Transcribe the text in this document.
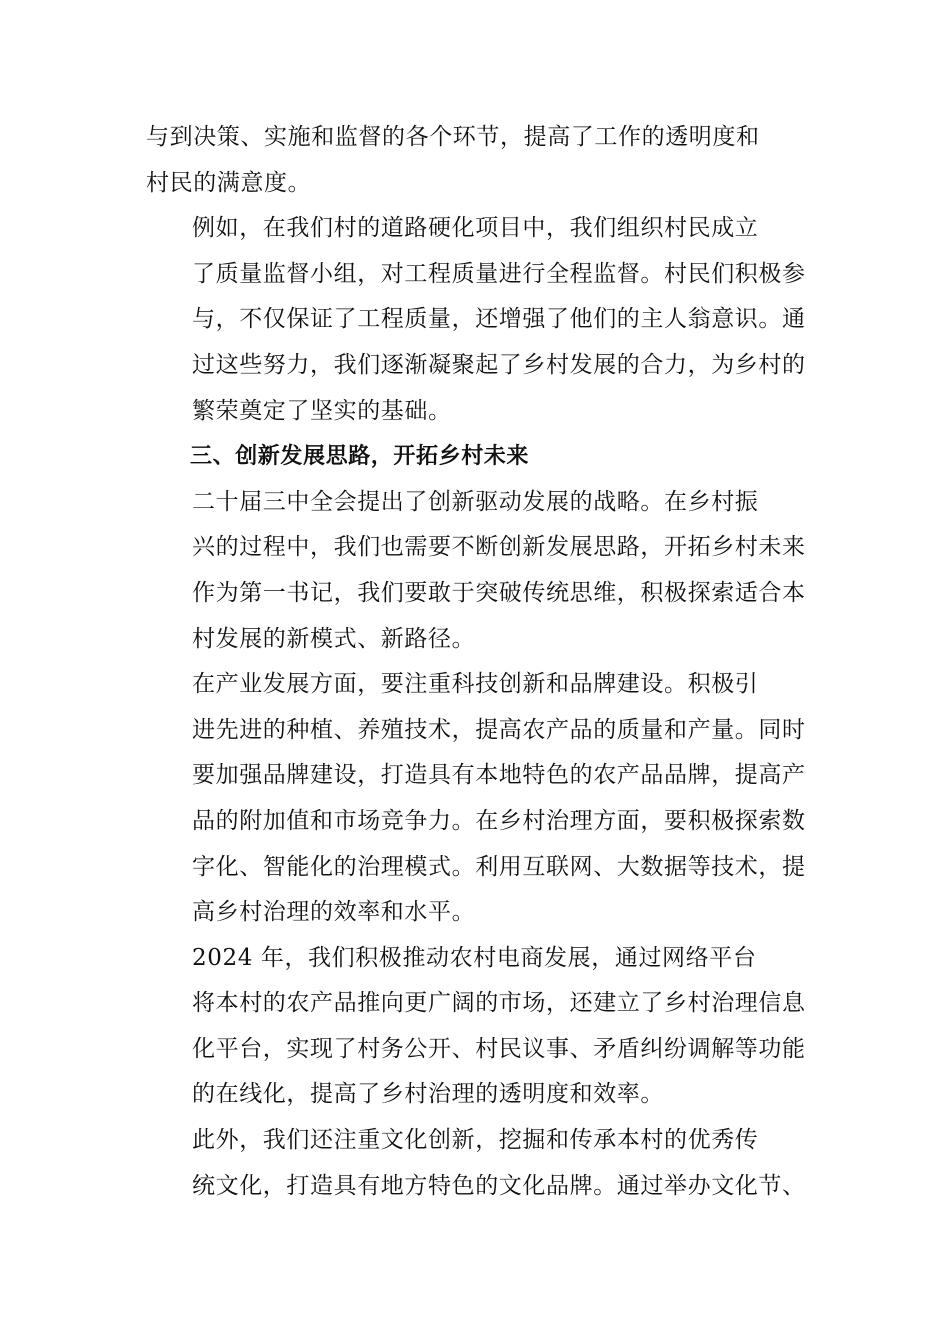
与到决策、实施和监督的各个环节，提高了工作的透明度和
村民的满意度。

例如，在我们村的道路硬化项目中，我们组织村民成立
了质量监督小组，对工程质量进行全程监督。村民们积极参
与，不仅保证了工程质量，还增强了他们的主人翁意识。通
过这些努力，我们逐渐凝聚起了乡村发展的合力，为乡村的
繁荣奠定了坚实的基础。

三、创新发展思路，开拓乡村未来

二十届三中全会提出了创新驱动发展的战略。在乡村振
兴的过程中，我们也需要不断创新发展思路，开拓乡村未来
作为第一书记，我们要敢于突破传统思维，积极探索适合本
村发展的新模式、新路径。

在产业发展方面，要注重科技创新和品牌建设。积极引
进先进的种植、养殖技术，提高农产品的质量和产量。同时
要加强品牌建设，打造具有本地特色的农产品品牌，提高产
品的附加值和市场竞争力。在乡村治理方面，要积极探索数
字化、智能化的治理模式。利用互联网、大数据等技术，提
高乡村治理的效率和水平。

2024 年，我们积极推动农村电商发展，通过网络平台
将本村的农产品推向更广阔的市场，还建立了乡村治理信息
化平台，实现了村务公开、村民议事、矛盾纠纷调解等功能
的在线化，提高了乡村治理的透明度和效率。

此外，我们还注重文化创新，挖掘和传承本村的优秀传
统文化，打造具有地方特色的文化品牌。通过举办文化节、
